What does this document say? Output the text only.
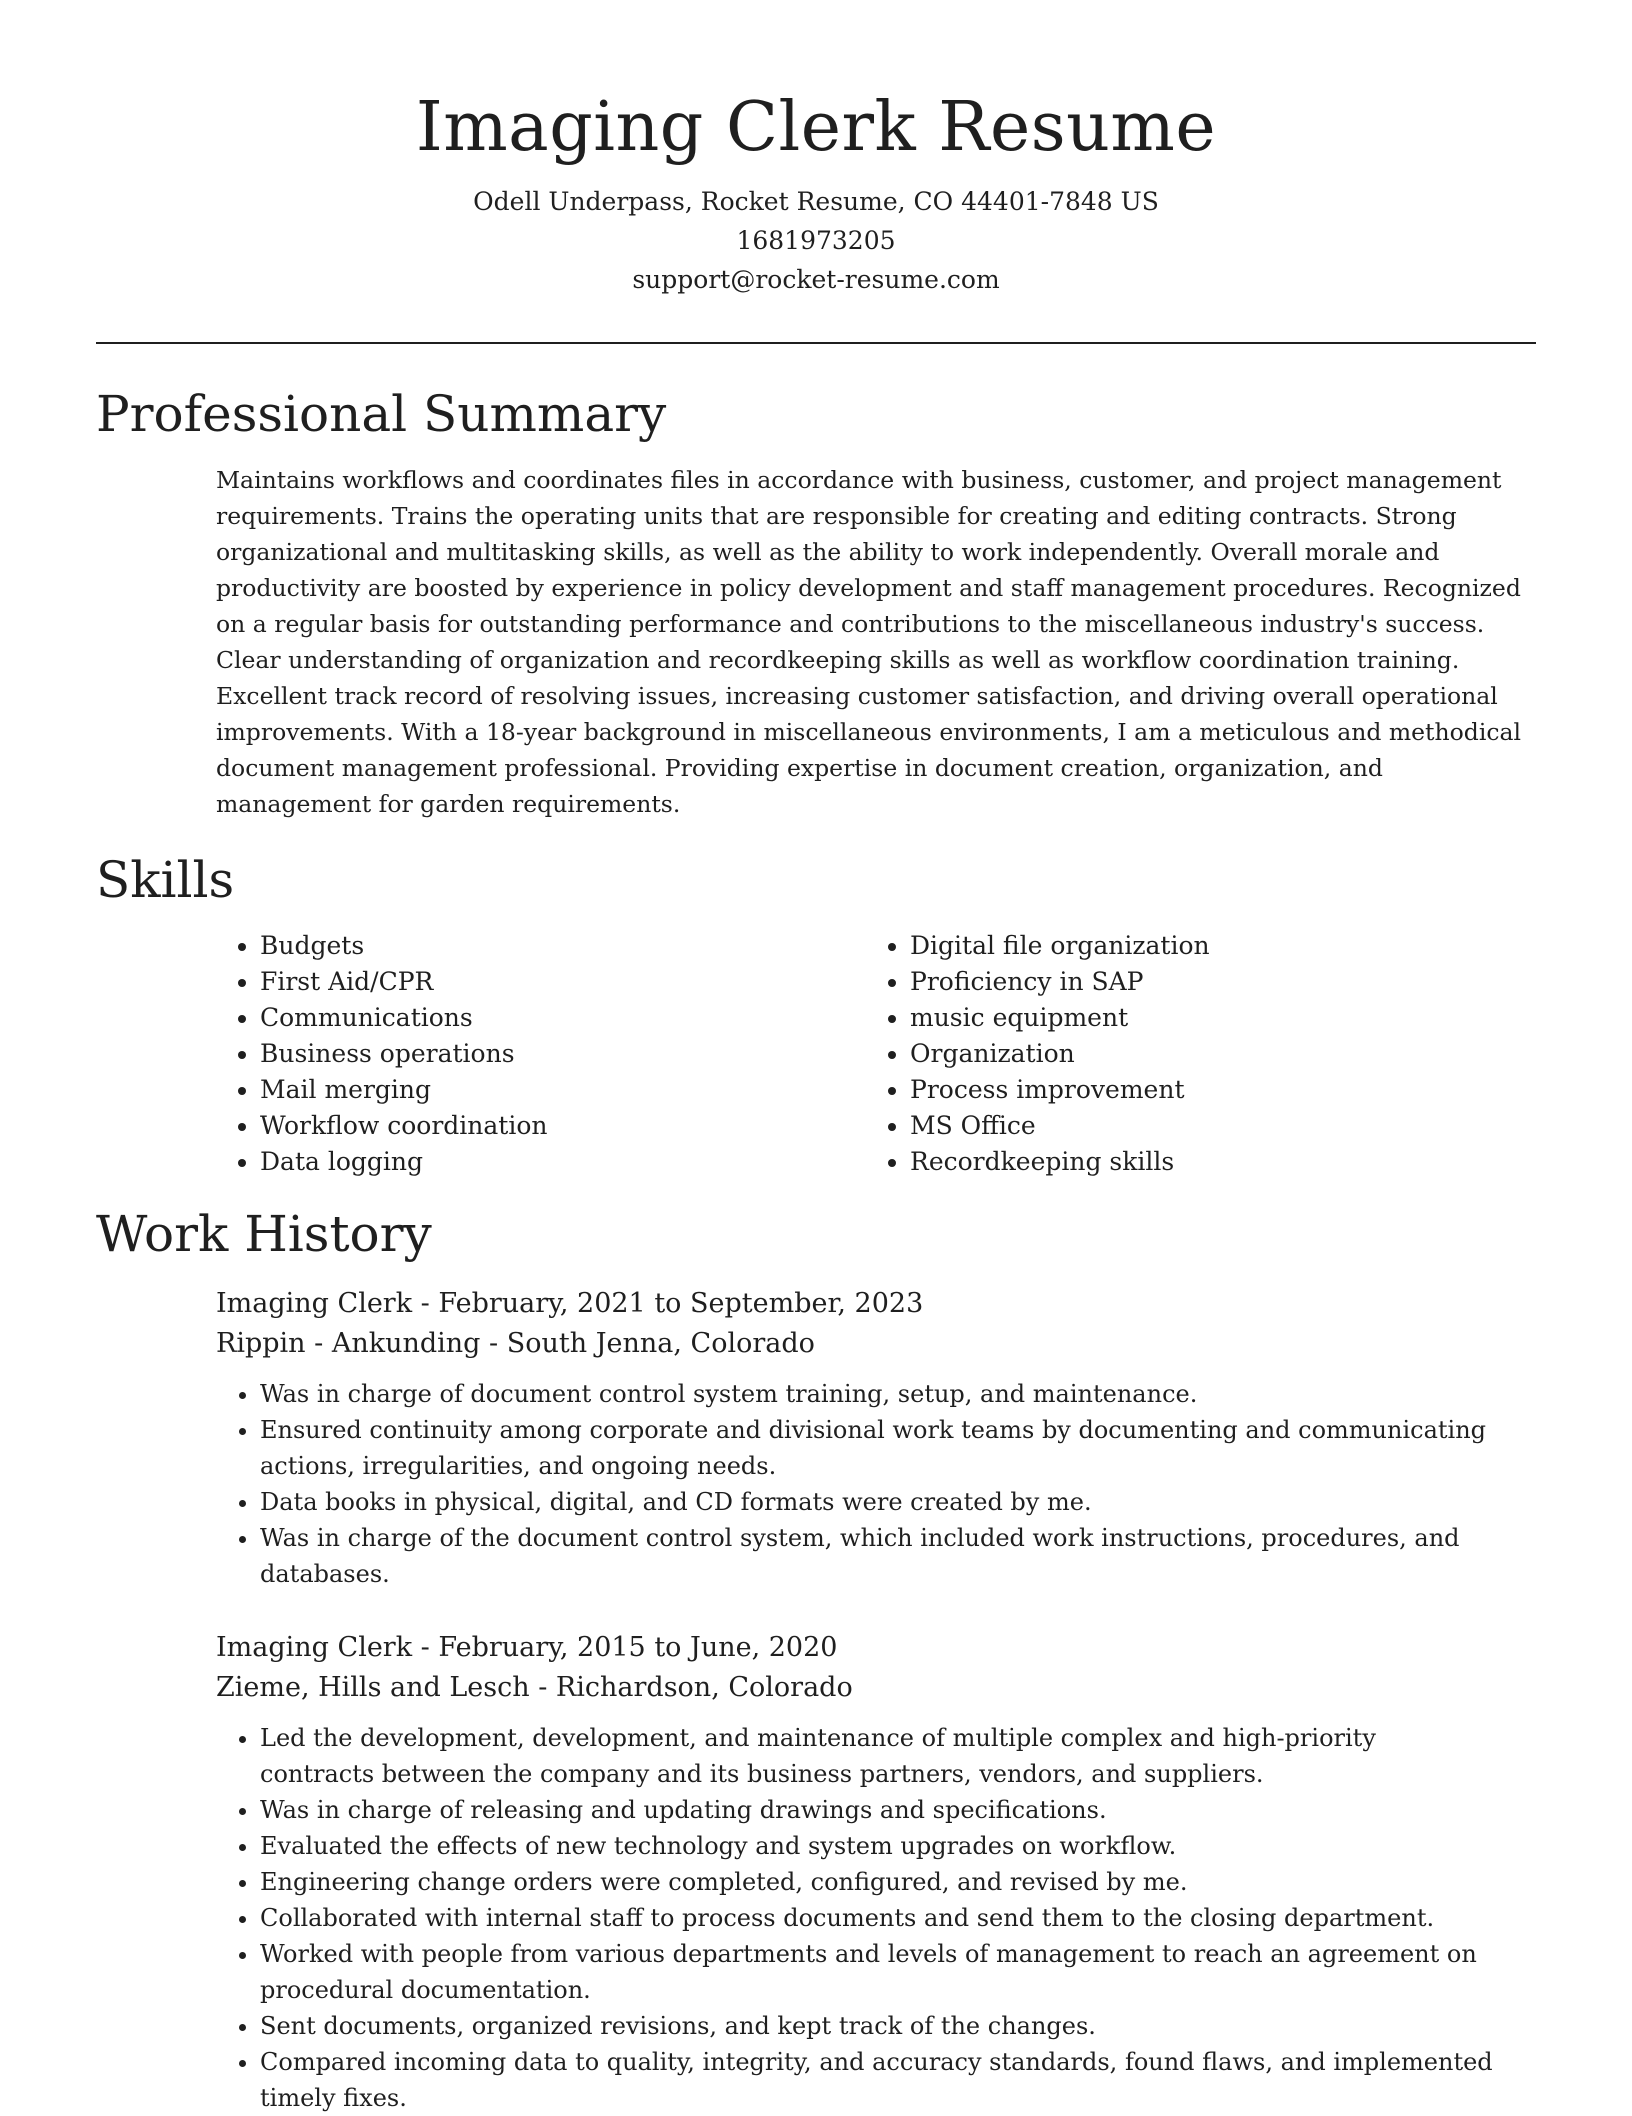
Imaging Clerk Resume
Odell Underpass, Rocket Resume, CO 44401-7848 US
1681973205
support@rocket-resume.com
Professional Summary

Maintains workflows and coordinates files in accordance with business, customer, and project management requirements. Trains the operating units that are responsible for creating and editing contracts. Strong organizational and multitasking skills, as well as the ability to work independently. Overall morale and productivity are boosted by experience in policy development and staff management procedures. Recognized on a regular basis for outstanding performance and contributions to the miscellaneous industry's success. Clear understanding of organization and recordkeeping skills as well as workflow coordination training. Excellent track record of resolving issues, increasing customer satisfaction, and driving overall operational improvements. With a 18-year background in miscellaneous environments, I am a meticulous and methodical document management professional. Providing expertise in document creation, organization, and management for garden requirements.

Skills
• Budgets
• First Aid/CPR
• Communications
• Business operations
• Mail merging
• Workflow coordination
• Data logging
• Digital file organization
• Proficiency in SAP
• music equipment
• Organization
• Process improvement
• MS Office
• Recordkeeping skills
Work History
Imaging Clerk - February, 2021 to September, 2023
Rippin - Ankunding - South Jenna, Colorado
• Was in charge of document control system training, setup, and maintenance.
• Ensured continuity among corporate and divisional work teams by documenting and communicating actions, irregularities, and ongoing needs.
• Data books in physical, digital, and CD formats were created by me.
• Was in charge of the document control system, which included work instructions, procedures, and databases.
Imaging Clerk - February, 2015 to June, 2020
Zieme, Hills and Lesch - Richardson, Colorado
• Led the development, development, and maintenance of multiple complex and high-priority contracts between the company and its business partners, vendors, and suppliers.
• Was in charge of releasing and updating drawings and specifications.
• Evaluated the effects of new technology and system upgrades on workflow.
• Engineering change orders were completed, configured, and revised by me.
• Collaborated with internal staff to process documents and send them to the closing department.
• Worked with people from various departments and levels of management to reach an agreement on procedural documentation.
• Sent documents, organized revisions, and kept track of the changes.
• Compared incoming data to quality, integrity, and accuracy standards, found flaws, and implemented timely fixes.
